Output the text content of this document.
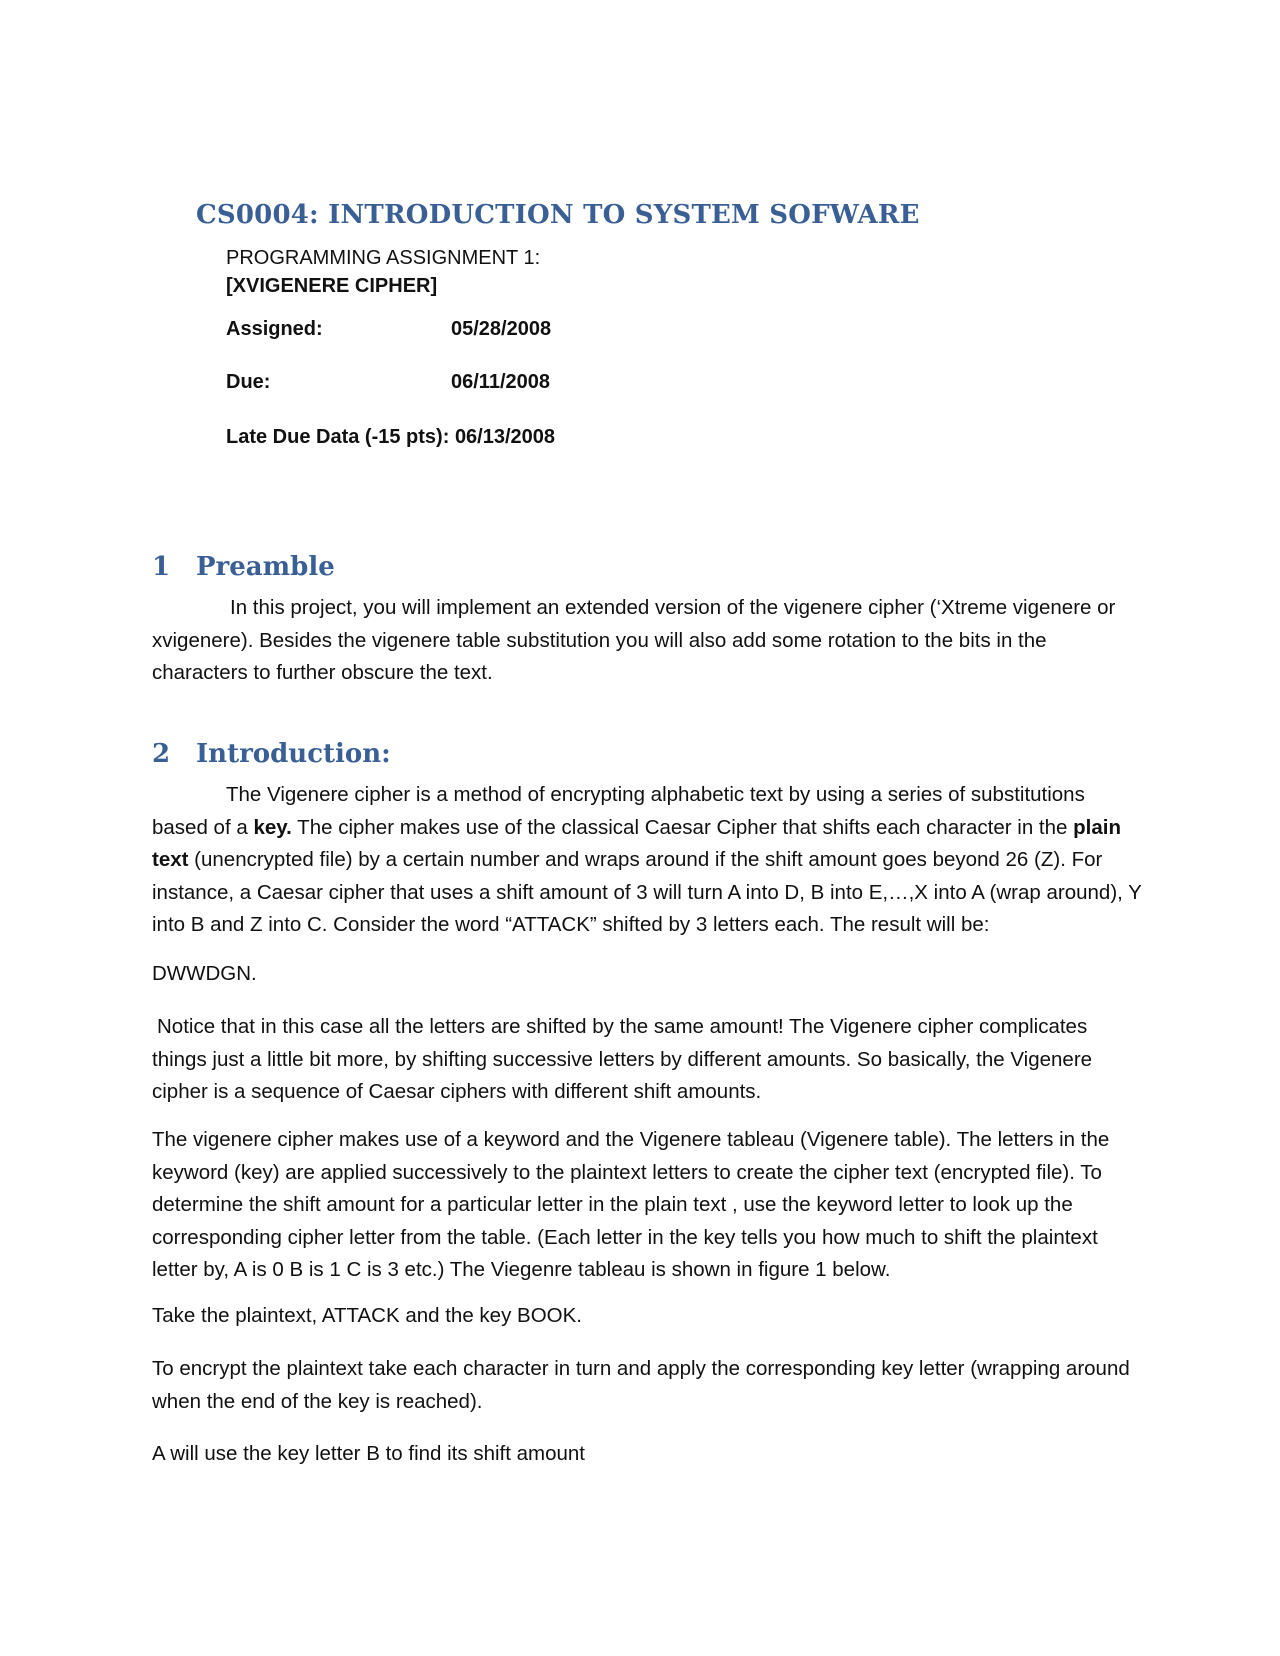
CS0004: INTRODUCTION TO SYSTEM SOFWARE
PROGRAMMING ASSIGNMENT 1:
[XVIGENERE CIPHER]
Assigned:	05/28/2008
Due:	06/11/2008
Late Due Data (-15 pts): 06/13/2008
1 Preamble

In this project, you will implement an extended version of the vigenere cipher (‘Xtreme vigenere or xvigenere). Besides the vigenere table substitution you will also add some rotation to the bits in the characters to further obscure the text.

2 Introduction:

The Vigenere cipher is a method of encrypting alphabetic text by using a series of substitutions based of a key. The cipher makes use of the classical Caesar Cipher that shifts each character in the plain text (unencrypted file) by a certain number and wraps around if the shift amount goes beyond 26 (Z). For instance, a Caesar cipher that uses a shift amount of 3 will turn A into D, B into E,…,X into A (wrap around), Y into B and Z into C. Consider the word “ATTACK” shifted by 3 letters each. The result will be:

DWWDGN.

Notice that in this case all the letters are shifted by the same amount! The Vigenere cipher complicates things just a little bit more, by shifting successive letters by different amounts. So basically, the Vigenere cipher is a sequence of Caesar ciphers with different shift amounts.

The vigenere cipher makes use of a keyword and the Vigenere tableau (Vigenere table). The letters in the keyword (key) are applied successively to the plaintext letters to create the cipher text (encrypted file). To determine the shift amount for a particular letter in the plain text , use the keyword letter to look up the corresponding cipher letter from the table. (Each letter in the key tells you how much to shift the plaintext letter by, A is 0 B is 1 C is 3 etc.) The Viegenre tableau is shown in figure 1 below.

Take the plaintext, ATTACK and the key BOOK.

To encrypt the plaintext take each character in turn and apply the corresponding key letter (wrapping around when the end of the key is reached).

A will use the key letter B to find its shift amount
